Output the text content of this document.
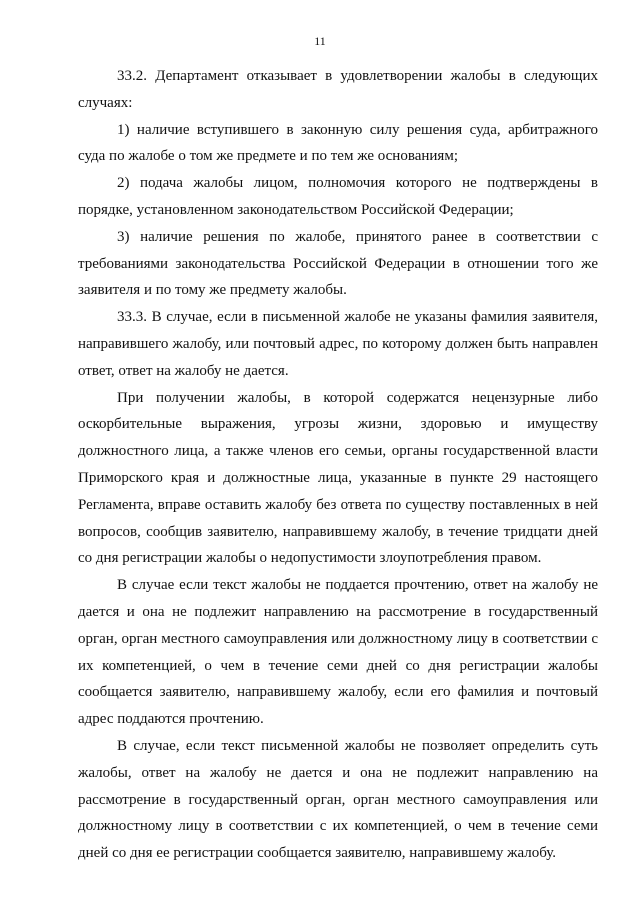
11

33.2. Департамент отказывает в удовлетворении жалобы в следующих случаях:

1) наличие вступившего в законную силу решения суда, арбитражного суда по жалобе о том же предмете и по тем же основаниям;

2) подача жалобы лицом, полномочия которого не подтверждены в порядке, установленном законодательством Российской Федерации;

3) наличие решения по жалобе, принятого ранее в соответствии с требованиями законодательства Российской Федерации в отношении того же заявителя и по тому же предмету жалобы.

33.3. В случае, если в письменной жалобе не указаны фамилия заявителя, направившего жалобу, или почтовый адрес, по которому должен быть направлен ответ, ответ на жалобу не дается.

При получении жалобы, в которой содержатся нецензурные либо оскорбительные выражения, угрозы жизни, здоровью и имуществу должностного лица, а также членов его семьи, органы государственной власти Приморского края и должностные лица, указанные в пункте 29 настоящего Регламента, вправе оставить жалобу без ответа по существу поставленных в ней вопросов, сообщив заявителю, направившему жалобу, в течение тридцати дней со дня регистрации жалобы о недопустимости злоупотребления правом.

В случае если текст жалобы не поддается прочтению, ответ на жалобу не дается и она не подлежит направлению на рассмотрение в государственный орган, орган местного самоуправления или должностному лицу в соответствии с их компетенцией, о чем в течение семи дней со дня регистрации жалобы сообщается заявителю, направившему жалобу, если его фамилия и почтовый адрес поддаются прочтению.

В случае, если текст письменной жалобы не позволяет определить суть жалобы, ответ на жалобу не дается и она не подлежит направлению на рассмотрение в государственный орган, орган местного самоуправления или должностному лицу в соответствии с их компетенцией, о чем в течение семи дней со дня ее регистрации сообщается заявителю, направившему жалобу.
